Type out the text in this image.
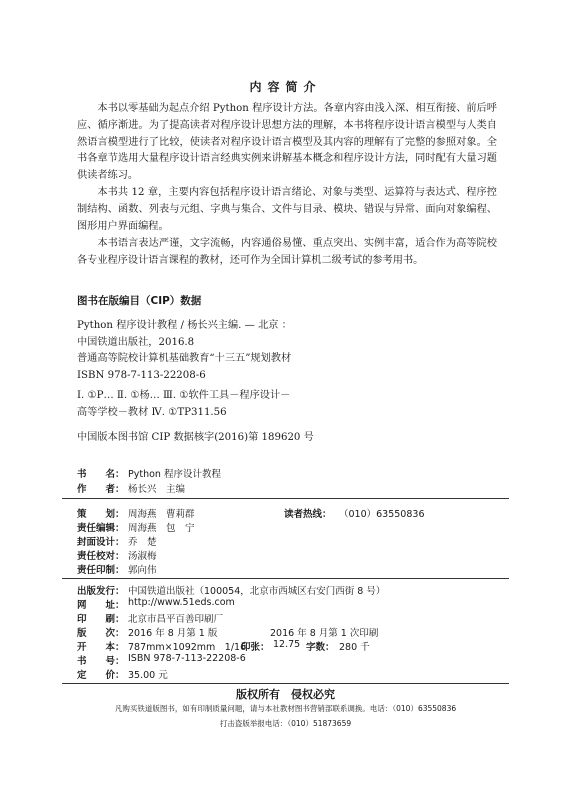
内容简介
本书以零基础为起点介绍 Python 程序设计方法。各章内容由浅入深、相互衔接、前后呼应、循序渐进。为了提高读者对程序设计思想方法的理解，本书将程序设计语言模型与人类自然语言模型进行了比较，使读者对程序设计语言模型及其内容的理解有了完整的参照对象。全书各章节选用大量程序设计语言经典实例来讲解基本概念和程序设计方法，同时配有大量习题供读者练习。
本书共 12 章，主要内容包括程序设计语言绪论、对象与类型、运算符与表达式、程序控制结构、函数、列表与元组、字典与集合、文件与目录、模块、错误与异常、面向对象编程、图形用户界面编程。
本书语言表达严谨，文字流畅，内容通俗易懂、重点突出、实例丰富，适合作为高等院校各专业程序设计语言课程的教材，还可作为全国计算机二级考试的参考用书。
图书在版编目（CIP）数据
Python 程序设计教程 / 杨长兴主编. — 北京 ：
中国铁道出版社，2016.8
普通高等院校计算机基础教育“十三五”规划教材
ISBN 978-7-113-22208-6
Ⅰ. ①P… Ⅱ. ①杨… Ⅲ. ①软件工具－程序设计－
高等学校－教材 Ⅳ. ①TP311.56
中国版本图书馆 CIP 数据核字(2016)第 189620 号
书　　名： Python 程序设计教程
作　　者： 杨长兴　主编
策　　划： 周海燕　曹莉群	读者热线： （010）63550836
责任编辑： 周海燕　包　宁
封面设计： 乔　楚
责任校对： 汤淑梅
责任印制： 郭向伟
出版发行： 中国铁道出版社（100054，北京市西城区右安门西街 8 号）
网　　址： http://www.51eds.com
印　　刷： 北京市昌平百善印刷厂
版　　次： 2016 年 8 月第 1 版	2016 年 8 月第 1 次印刷
开　　本： 787mm×1092mm　1/16
印张： 12.75 字数： 280 千
书　　号： ISBN 978-7-113-22208-6
定　　价： 35.00 元
版权所有　侵权必究
凡购买铁道版图书，如有印制质量问题，请与本社教材图书营销部联系调换。电话：（010）63550836
打击盗版举报电话：（010）51873659
